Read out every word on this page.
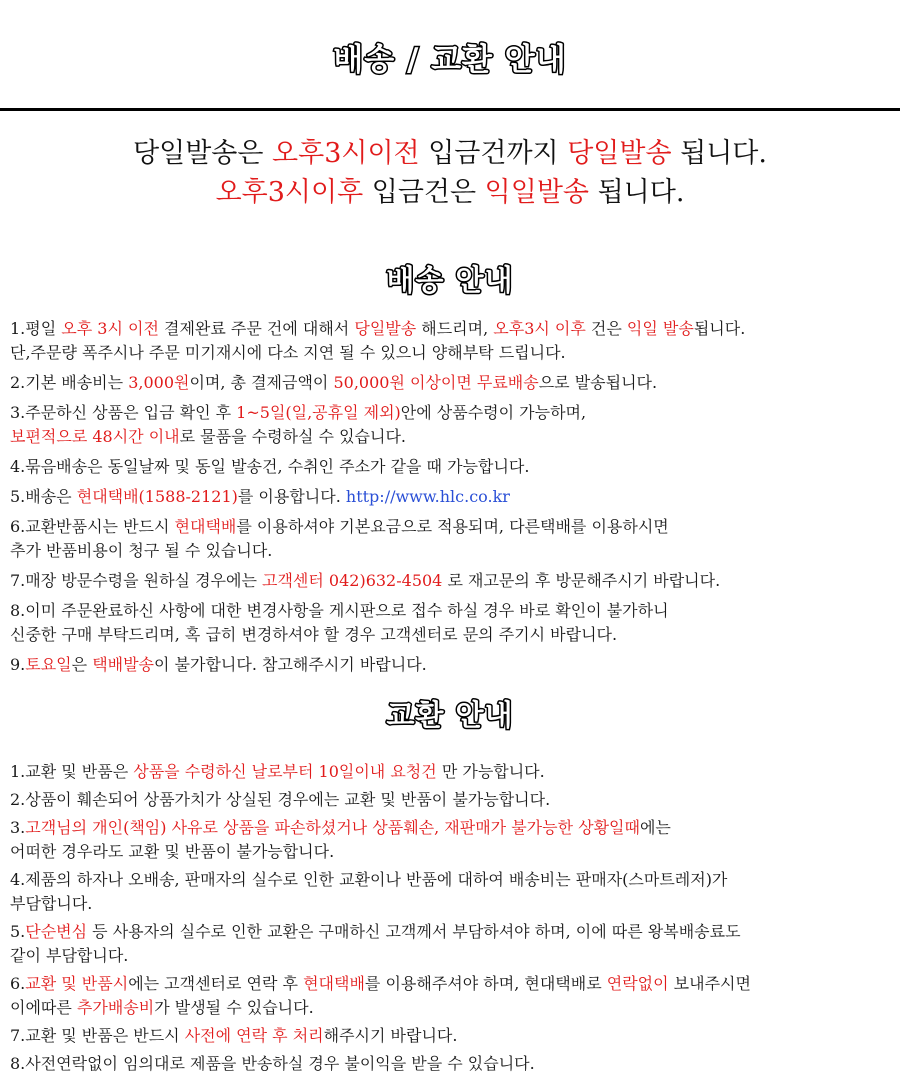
배송 / 교환 안내
당일발송은 오후3시이전 입금건까지 당일발송 됩니다.
오후3시이후 입금건은 익일발송 됩니다.
배송 안내
1.평일 오후 3시 이전 결제완료 주문 건에 대해서 당일발송 해드리며, 오후3시 이후 건은 익일 발송됩니다.
단,주문량 폭주시나 주문 미기재시에 다소 지연 될 수 있으니 양해부탁 드립니다.
2.기본 배송비는 3,000원이며, 총 결제금액이 50,000원 이상이면 무료배송으로 발송됩니다.
3.주문하신 상품은 입금 확인 후 1~5일(일,공휴일 제외)안에 상품수령이 가능하며,
보편적으로 48시간 이내로 물품을 수령하실 수 있습니다.
4.묶음배송은 동일날짜 및 동일 발송건, 수취인 주소가 같을 때 가능합니다.
5.배송은 현대택배(1588-2121)를 이용합니다. http://www.hlc.co.kr
6.교환반품시는 반드시 현대택배를 이용하셔야 기본요금으로 적용되며, 다른택배를 이용하시면
추가 반품비용이 청구 될 수 있습니다.
7.매장 방문수령을 원하실 경우에는 고객센터 042)632-4504 로 재고문의 후 방문해주시기 바랍니다.
8.이미 주문완료하신 사항에 대한 변경사항을 게시판으로 접수 하실 경우 바로 확인이 불가하니
신중한 구매 부탁드리며, 혹 급히 변경하셔야 할 경우 고객센터로 문의 주기시 바랍니다.
9.토요일은 택배발송이 불가합니다. 참고해주시기 바랍니다.
교환 안내
1.교환 및 반품은 상품을 수령하신 날로부터 10일이내 요청건 만 가능합니다.
2.상품이 훼손되어 상품가치가 상실된 경우에는 교환 및 반품이 불가능합니다.
3.고객님의 개인(책임) 사유로 상품을 파손하셨거나 상품훼손, 재판매가 불가능한 상황일때에는
어떠한 경우라도 교환 및 반품이 불가능합니다.
4.제품의 하자나 오배송, 판매자의 실수로 인한 교환이나 반품에 대하여 배송비는 판매자(스마트레저)가
부담합니다.
5.단순변심 등 사용자의 실수로 인한 교환은 구매하신 고객께서 부담하셔야 하며, 이에 따른 왕복배송료도
같이 부담합니다.
6.교환 및 반품시에는 고객센터로 연락 후 현대택배를 이용해주셔야 하며, 현대택배로 연락없이 보내주시면
이에따른 추가배송비가 발생될 수 있습니다.
7.교환 및 반품은 반드시 사전에 연락 후 처리해주시기 바랍니다.
8.사전연락없이 임의대로 제품을 반송하실 경우 불이익을 받을 수 있습니다.
